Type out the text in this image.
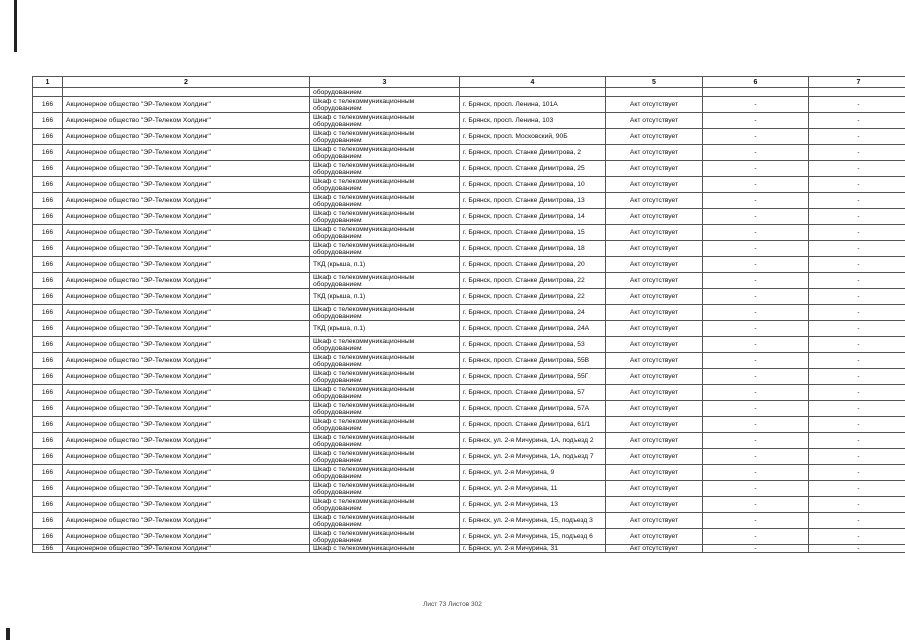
1	2	3	4	5	6	7
		оборудованием				
166	Акционерное общество "ЭР-Телеком Холдинг"	Шкаф с телекоммуникационным оборудованием	г. Брянск, просп. Ленина, 101А	Акт отсутствует	-	-
166	Акционерное общество "ЭР-Телеком Холдинг"	Шкаф с телекоммуникационным оборудованием	г. Брянск, просп. Ленина, 103	Акт отсутствует	-	-
166	Акционерное общество "ЭР-Телеком Холдинг"	Шкаф с телекоммуникационным оборудованием	г. Брянск, просп. Московский, 90Б	Акт отсутствует	-	-
166	Акционерное общество "ЭР-Телеком Холдинг"	Шкаф с телекоммуникационным оборудованием	г. Брянск, просп. Станке Димитрова, 2	Акт отсутствует	-	-
166	Акционерное общество "ЭР-Телеком Холдинг"	Шкаф с телекоммуникационным оборудованием	г. Брянск, просп. Станке Димитрова, 25	Акт отсутствует	-	-
166	Акционерное общество "ЭР-Телеком Холдинг"	Шкаф с телекоммуникационным оборудованием	г. Брянск, просп. Станке Димитрова, 10	Акт отсутствует	-	-
166	Акционерное общество "ЭР-Телеком Холдинг"	Шкаф с телекоммуникационным оборудованием	г. Брянск, просп. Станке Димитрова, 13	Акт отсутствует	-	-
166	Акционерное общество "ЭР-Телеком Холдинг"	Шкаф с телекоммуникационным оборудованием	г. Брянск, просп. Станке Димитрова, 14	Акт отсутствует	-	-
166	Акционерное общество "ЭР-Телеком Холдинг"	Шкаф с телекоммуникационным оборудованием	г. Брянск, просп. Станке Димитрова, 15	Акт отсутствует	-	-
166	Акционерное общество "ЭР-Телеком Холдинг"	Шкаф с телекоммуникационным оборудованием	г. Брянск, просп. Станке Димитрова, 18	Акт отсутствует	-	-
166	Акционерное общество "ЭР-Телеком Холдинг"	ТКД (крыша, п.1)	г. Брянск, просп. Станке Димитрова, 20	Акт отсутствует	-	-
166	Акционерное общество "ЭР-Телеком Холдинг"	Шкаф с телекоммуникационным оборудованием	г. Брянск, просп. Станке Димитрова, 22	Акт отсутствует	-	-
166	Акционерное общество "ЭР-Телеком Холдинг"	ТКД (крыша, п.1)	г. Брянск, просп. Станке Димитрова, 22	Акт отсутствует	-	-
166	Акционерное общество "ЭР-Телеком Холдинг"	Шкаф с телекоммуникационным оборудованием	г. Брянск, просп. Станке Димитрова, 24	Акт отсутствует	-	-
166	Акционерное общество "ЭР-Телеком Холдинг"	ТКД (крыша, п.1)	г. Брянск, просп. Станке Димитрова, 24А	Акт отсутствует	-	-
166	Акционерное общество "ЭР-Телеком Холдинг"	Шкаф с телекоммуникационным оборудованием	г. Брянск, просп. Станке Димитрова, 53	Акт отсутствует	-	-
166	Акционерное общество "ЭР-Телеком Холдинг"	Шкаф с телекоммуникационным оборудованием	г. Брянск, просп. Станке Димитрова, 55В	Акт отсутствует	-	-
166	Акционерное общество "ЭР-Телеком Холдинг"	Шкаф с телекоммуникационным оборудованием	г. Брянск, просп. Станке Димитрова, 55Г	Акт отсутствует	-	-
166	Акционерное общество "ЭР-Телеком Холдинг"	Шкаф с телекоммуникационным оборудованием	г. Брянск, просп. Станке Димитрова, 57	Акт отсутствует	-	-
166	Акционерное общество "ЭР-Телеком Холдинг"	Шкаф с телекоммуникационным оборудованием	г. Брянск, просп. Станке Димитрова, 57А	Акт отсутствует	-	-
166	Акционерное общество "ЭР-Телеком Холдинг"	Шкаф с телекоммуникационным оборудованием	г. Брянск, просп. Станке Димитрова, 61/1	Акт отсутствует	-	-
166	Акционерное общество "ЭР-Телеком Холдинг"	Шкаф с телекоммуникационным оборудованием	г. Брянск, ул. 2-я Мичурина, 1А, подъезд 2	Акт отсутствует	-	-
166	Акционерное общество "ЭР-Телеком Холдинг"	Шкаф с телекоммуникационным оборудованием	г. Брянск, ул. 2-я Мичурина, 1А, подъезд 7	Акт отсутствует	-	-
166	Акционерное общество "ЭР-Телеком Холдинг"	Шкаф с телекоммуникационным оборудованием	г. Брянск, ул. 2-я Мичурина, 9	Акт отсутствует	-	-
166	Акционерное общество "ЭР-Телеком Холдинг"	Шкаф с телекоммуникационным оборудованием	г. Брянск, ул. 2-я Мичурина, 11	Акт отсутствует	-	-
166	Акционерное общество "ЭР-Телеком Холдинг"	Шкаф с телекоммуникационным оборудованием	г. Брянск, ул. 2-я Мичурина, 13	Акт отсутствует	-	-
166	Акционерное общество "ЭР-Телеком Холдинг"	Шкаф с телекоммуникационным оборудованием	г. Брянск, ул. 2-я Мичурина, 15, подъезд 3	Акт отсутствует	-	-
166	Акционерное общество "ЭР-Телеком Холдинг"	Шкаф с телекоммуникационным оборудованием	г. Брянск, ул. 2-я Мичурина, 15, подъезд 6	Акт отсутствует	-	-
166	Акционерное общество "ЭР-Телеком Холдинг"	Шкаф с телекоммуникационным	г. Брянск, ул. 2-я Мичурина, 31	Акт отсутствует	-	-
Лист 73 Листов 302
